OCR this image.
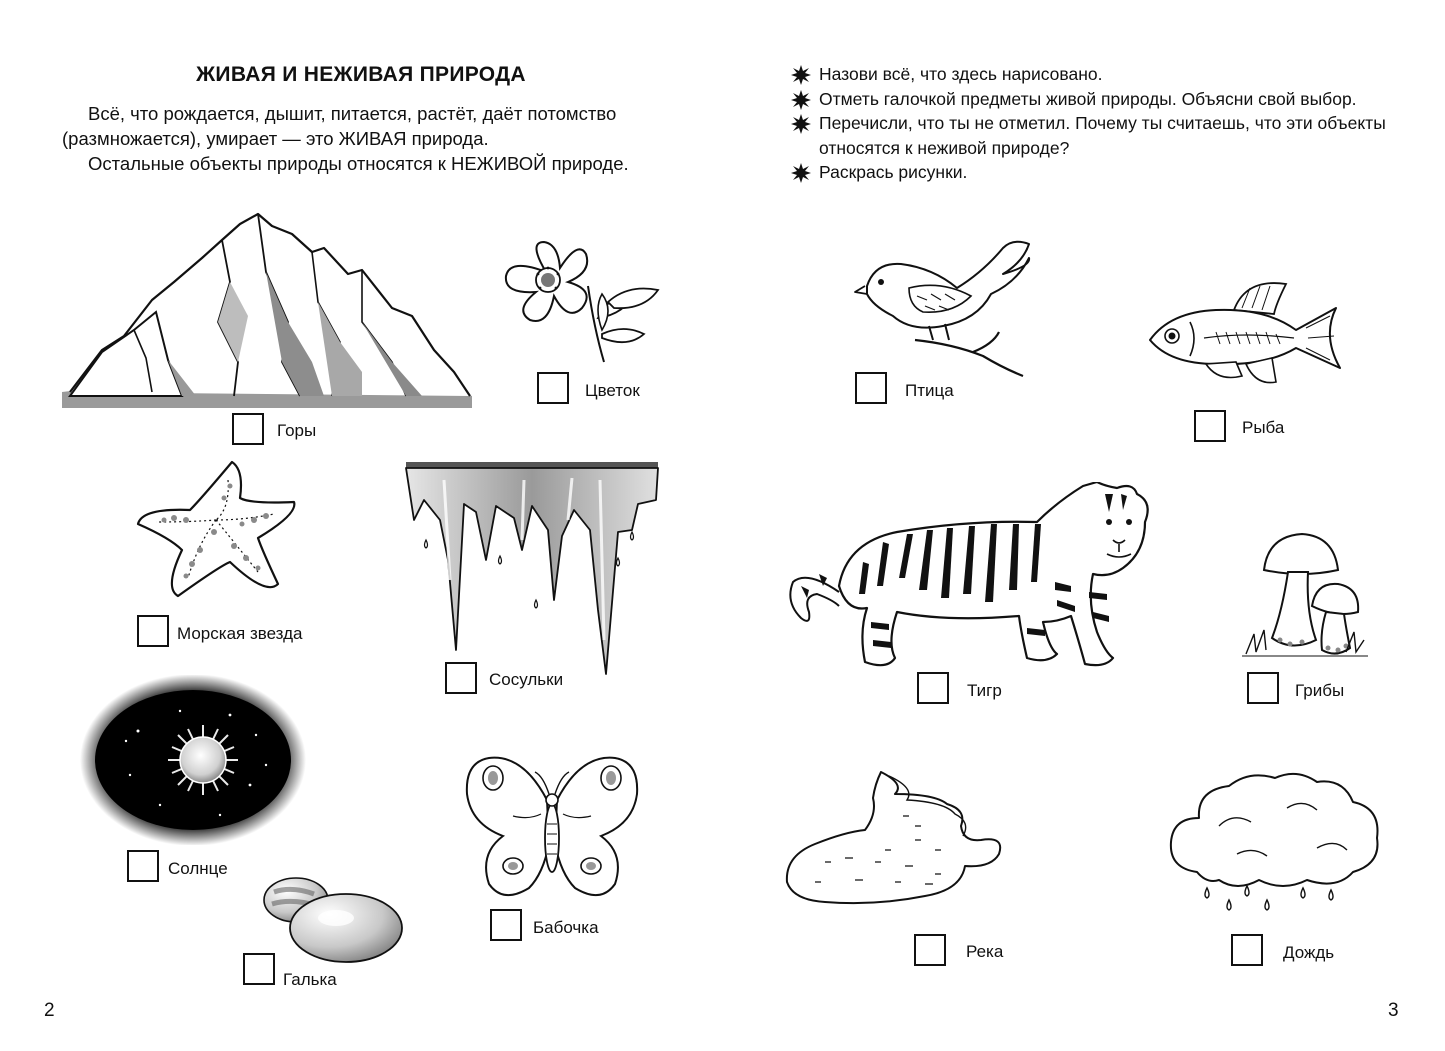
ЖИВАЯ И НЕЖИВАЯ ПРИРОДА

Всё, что рождается, дышит, питается, растёт, даёт потомство

(размножается), умирает — это ЖИВАЯ природа.

Остальные объекты природы относятся к НЕЖИВОЙ природе.

Горы
Цветок
Морская звезда
Сосульки
Солнце
Бабочка
Галька
2
Назови всё, что здесь нарисовано.
Отметь галочкой предметы живой природы. Объясни свой выбор.
Перечисли, что ты не отметил. Почему ты считаешь, что эти объекты
относятся к неживой природе?
Раскрась рисунки.
Птица
Рыба
Тигр	Грибы
Река	Дождь
3
